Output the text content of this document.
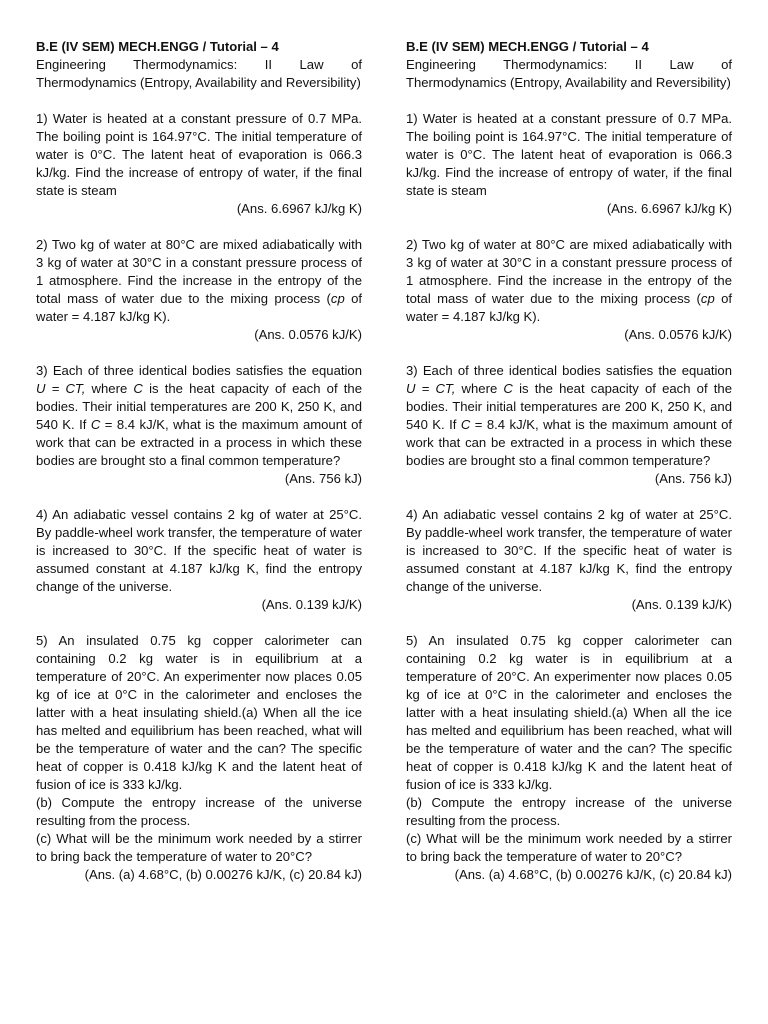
B.E (IV SEM) MECH.ENGG / Tutorial – 4

Engineering Thermodynamics: II Law of Thermodynamics (Entropy, Availability and Reversibility)

1) Water is heated at a constant pressure of 0.7 MPa. The boiling point is 164.97°C. The initial temperature of water is 0°C. The latent heat of evaporation is 066.3 kJ/kg. Find the increase of entropy of water, if the final state is steam

(Ans. 6.6967 kJ/kg K)

2) Two kg of water at 80°C are mixed adiabatically with 3 kg of water at 30°C in a constant pressure process of 1 atmosphere. Find the increase in the entropy of the total mass of water due to the mixing process (cp of water = 4.187 kJ/kg K).

(Ans. 0.0576 kJ/K)

3) Each of three identical bodies satisfies the equation U = CT, where C is the heat capacity of each of the bodies. Their initial temperatures are 200 K, 250 K, and 540 K. If C = 8.4 kJ/K, what is the maximum amount of work that can be extracted in a process in which these bodies are brought sto a final common temperature?

(Ans. 756 kJ)

4) An adiabatic vessel contains 2 kg of water at 25°C. By paddle-wheel work transfer, the temperature of water is increased to 30°C. If the specific heat of water is assumed constant at 4.187 kJ/kg K, find the entropy change of the universe.

(Ans. 0.139 kJ/K)

5) An insulated 0.75 kg copper calorimeter can containing 0.2 kg water is in equilibrium at a temperature of 20°C. An experimenter now places 0.05 kg of ice at 0°C in the calorimeter and encloses the latter with a heat insulating shield.(a) When all the ice has melted and equilibrium has been reached, what will be the temperature of water and the can? The specific heat of copper is 0.418 kJ/kg K and the latent heat of fusion of ice is 333 kJ/kg.

(b) Compute the entropy increase of the universe resulting from the process.

(c) What will be the minimum work needed by a stirrer to bring back the temperature of water to 20°C?

(Ans. (a) 4.68°C, (b) 0.00276 kJ/K, (c) 20.84 kJ)

B.E (IV SEM) MECH.ENGG / Tutorial – 4

Engineering Thermodynamics: II Law of Thermodynamics (Entropy, Availability and Reversibility)

1) Water is heated at a constant pressure of 0.7 MPa. The boiling point is 164.97°C. The initial temperature of water is 0°C. The latent heat of evaporation is 066.3 kJ/kg. Find the increase of entropy of water, if the final state is steam

(Ans. 6.6967 kJ/kg K)

2) Two kg of water at 80°C are mixed adiabatically with 3 kg of water at 30°C in a constant pressure process of 1 atmosphere. Find the increase in the entropy of the total mass of water due to the mixing process (cp of water = 4.187 kJ/kg K).

(Ans. 0.0576 kJ/K)

3) Each of three identical bodies satisfies the equation U = CT, where C is the heat capacity of each of the bodies. Their initial temperatures are 200 K, 250 K, and 540 K. If C = 8.4 kJ/K, what is the maximum amount of work that can be extracted in a process in which these bodies are brought sto a final common temperature?

(Ans. 756 kJ)

4) An adiabatic vessel contains 2 kg of water at 25°C. By paddle-wheel work transfer, the temperature of water is increased to 30°C. If the specific heat of water is assumed constant at 4.187 kJ/kg K, find the entropy change of the universe.

(Ans. 0.139 kJ/K)

5) An insulated 0.75 kg copper calorimeter can containing 0.2 kg water is in equilibrium at a temperature of 20°C. An experimenter now places 0.05 kg of ice at 0°C in the calorimeter and encloses the latter with a heat insulating shield.(a) When all the ice has melted and equilibrium has been reached, what will be the temperature of water and the can? The specific heat of copper is 0.418 kJ/kg K and the latent heat of fusion of ice is 333 kJ/kg.

(b) Compute the entropy increase of the universe resulting from the process.

(c) What will be the minimum work needed by a stirrer to bring back the temperature of water to 20°C?

(Ans. (a) 4.68°C, (b) 0.00276 kJ/K, (c) 20.84 kJ)
